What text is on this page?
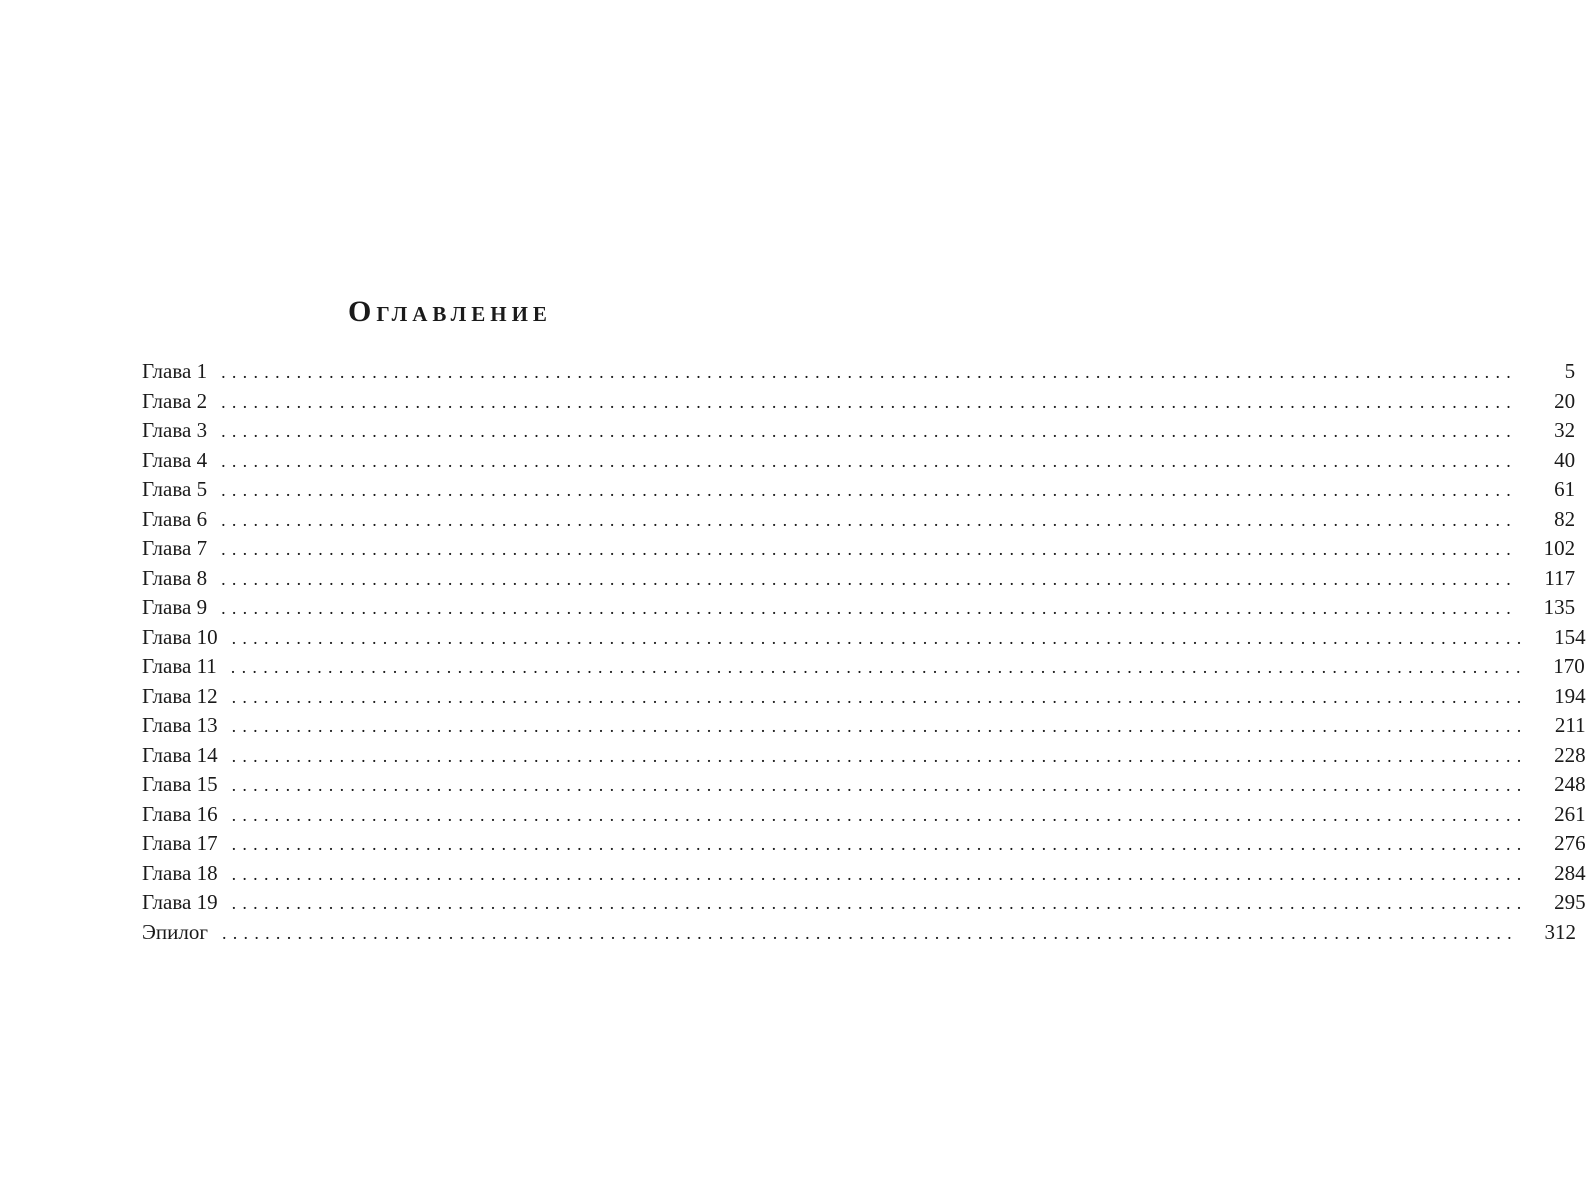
Оглавление
Глава 1 ........................................................................................................................	5
Глава 2 ........................................................................................................................	20
Глава 3 ........................................................................................................................	32
Глава 4 ........................................................................................................................	40
Глава 5 ........................................................................................................................	61
Глава 6 ........................................................................................................................	82
Глава 7 ........................................................................................................................ 102
Глава 8 ........................................................................................................................ 117
Глава 9 ........................................................................................................................ 135
Глава 10 ........................................................................................................................ 154
Глава 11 ........................................................................................................................ 170
Глава 12 ........................................................................................................................ 194
Глава 13 ........................................................................................................................ 211
Глава 14 ........................................................................................................................ 228
Глава 15 ........................................................................................................................ 248
Глава 16 ........................................................................................................................ 261
Глава 17 ........................................................................................................................ 276
Глава 18 ........................................................................................................................ 284
Глава 19 ........................................................................................................................ 295
Эпилог ........................................................................................................................ 312
